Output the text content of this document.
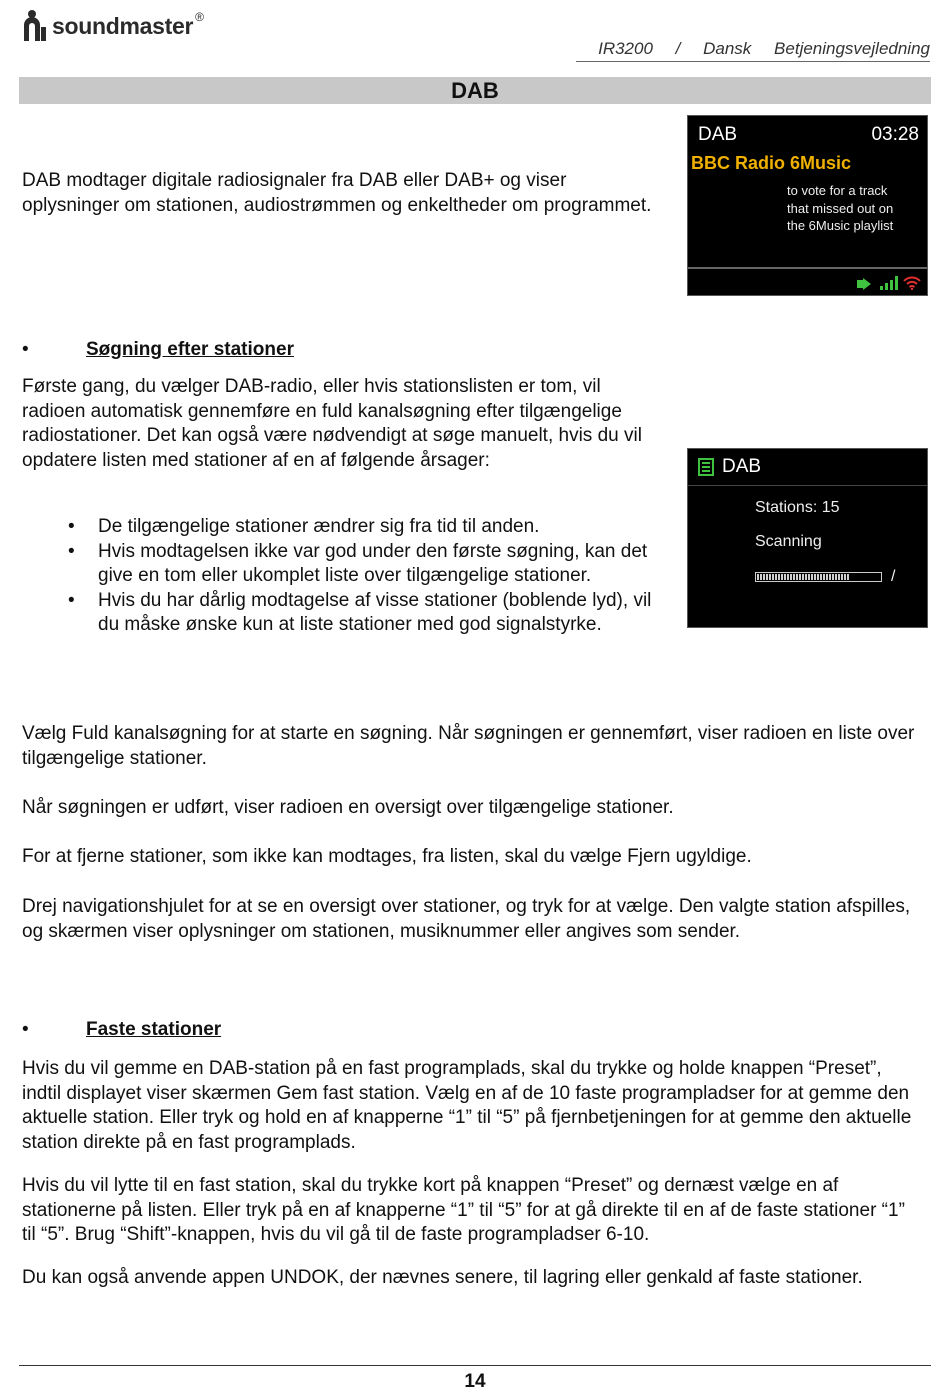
soundmaster ®
IR3200 / Dansk Betjeningsvejledning
DAB
DAB modtager digitale radiosignaler fra DAB eller DAB+ og viser oplysninger om stationen, audiostrømmen og enkeltheder om programmet.
DAB	03:28
BBC Radio 6Music
to vote for a track
that missed out on
the 6Music playlist
•	Søgning efter stationer
Første gang, du vælger DAB-radio, eller hvis stationslisten er tom, vil radioen automatisk gennemføre en fuld kanalsøgning efter tilgængelige radiostationer. Det kan også være nødvendigt at søge manuelt, hvis du vil opdatere listen med stationer af en af følgende årsager:
• De tilgængelige stationer ændrer sig fra tid til anden.
• Hvis modtagelsen ikke var god under den første søgning, kan det give en tom eller ukomplet liste over tilgængelige stationer.
• Hvis du har dårlig modtagelse af visse stationer (boblende lyd), vil du måske ønske kun at liste stationer med god signalstyrke.
DAB
Stations: 15
Scanning
/
Vælg Fuld kanalsøgning for at starte en søgning. Når søgningen er gennemført, viser radioen en liste over tilgængelige stationer.
Når søgningen er udført, viser radioen en oversigt over tilgængelige stationer.
For at fjerne stationer, som ikke kan modtages, fra listen, skal du vælge Fjern ugyldige.
Drej navigationshjulet for at se en oversigt over stationer, og tryk for at vælge. Den valgte station afspilles, og skærmen viser oplysninger om stationen, musiknummer eller angives som sender.
•	Faste stationer
Hvis du vil gemme en DAB-station på en fast programplads, skal du trykke og holde knappen “Preset”, indtil displayet viser skærmen Gem fast station. Vælg en af de 10 faste programpladser for at gemme den aktuelle station. Eller tryk og hold en af knapperne “1” til “5” på fjernbetjeningen for at gemme den aktuelle station direkte på en fast programplads.
Hvis du vil lytte til en fast station, skal du trykke kort på knappen “Preset” og dernæst vælge en af stationerne på listen. Eller tryk på en af knapperne “1” til “5” for at gå direkte til en af de faste stationer “1” til “5”. Brug “Shift”-knappen, hvis du vil gå til de faste programpladser 6-10.
Du kan også anvende appen UNDOK, der nævnes senere, til lagring eller genkald af faste stationer.
14
